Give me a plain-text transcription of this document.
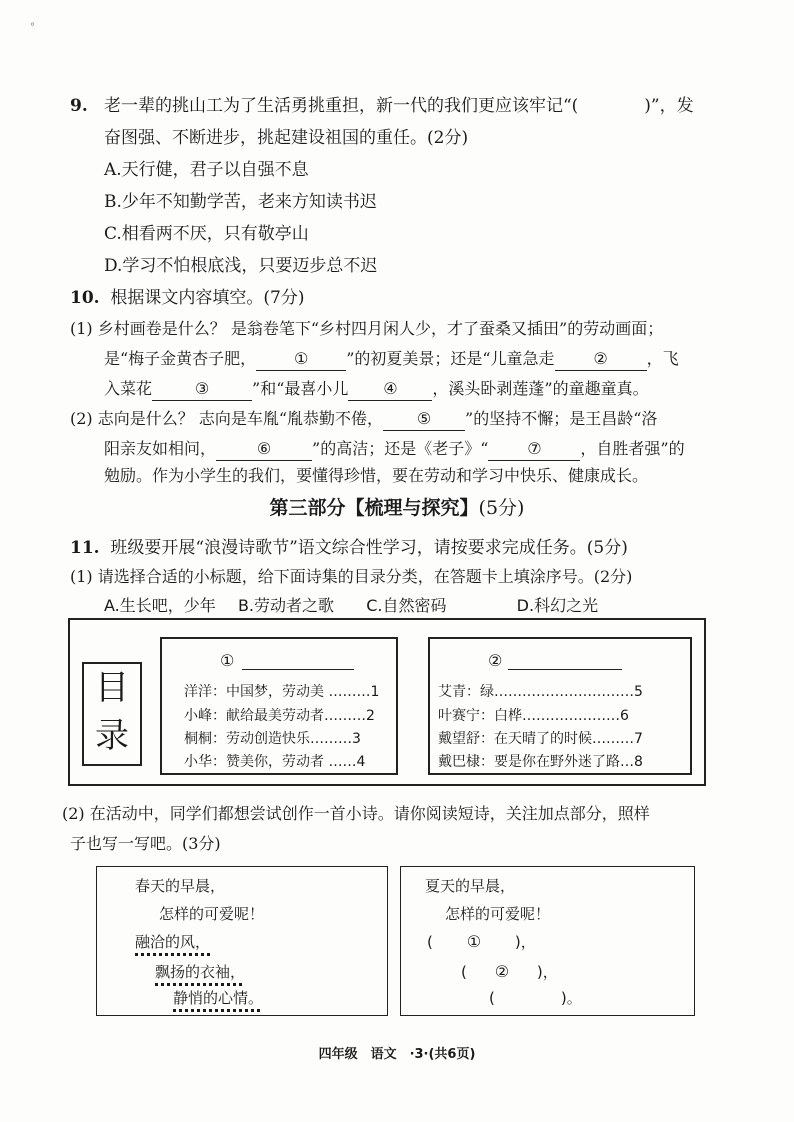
°
9. 老一辈的挑山工为了生活勇挑重担，新一代的我们更应该牢记“(	)”，发
奋图强、不断进步，挑起建设祖国的重任。(2分)
A.天行健，君子以自强不息
B.少年不知勤学苦，老来方知读书迟
C.相看两不厌，只有敬亭山
D.学习不怕根底浅，只要迈步总不迟
10. 根据课文内容填空。(7分)
(1) 乡村画卷是什么？ 是翁卷笔下“乡村四月闲人少，才了蚕桑又插田”的劳动画面；
是“梅子金黄杏子肥， ① ”的初夏美景；还是“儿童急走 ② ，飞
入菜花	③	”和“最喜小儿 ④ ，溪头卧剥莲蓬”的童趣童真。
(2) 志向是什么？ 志向是车胤“胤恭勤不倦， ⑤ ”的坚持不懈；是王昌龄“洛
阳亲友如相问，	⑥	”的高洁；还是《老子》“ ⑦ ，自胜者强”的
勉励。作为小学生的我们，要懂得珍惜，要在劳动和学习中快乐、健康成长。
第三部分【梳理与探究】(5分)
11. 班级要开展“浪漫诗歌节”语文综合性学习，请按要求完成任务。(5分)
(1) 请选择合适的小标题，给下面诗集的目录分类，在答题卡上填涂序号。(2分)
A.生长吧，少年 B.劳动者之歌 C.自然密码	D.科幻之光
目
录
①
洋洋：中国梦，劳动美 ………1
小峰：献给最美劳动者………2
桐桐：劳动创造快乐………3
小华：赞美你，劳动者 ……4
②
艾青：绿…………………………5
叶赛宁：白桦…………………6
戴望舒：在天晴了的时候………7
戴巴棣：要是你在野外迷了路…8
(2) 在活动中，同学们都想尝试创作一首小诗。请你阅读短诗，关注加点部分，照样
子也写一写吧。(3分)
春天的早晨，
怎样的可爱呢！
融洽的风，
飘扬的衣袖，
静悄的心情。
夏天的早晨，
怎样的可爱呢！
( ① )，
( ② )，
(	)。
四年级　语文　·3·(共6页)
